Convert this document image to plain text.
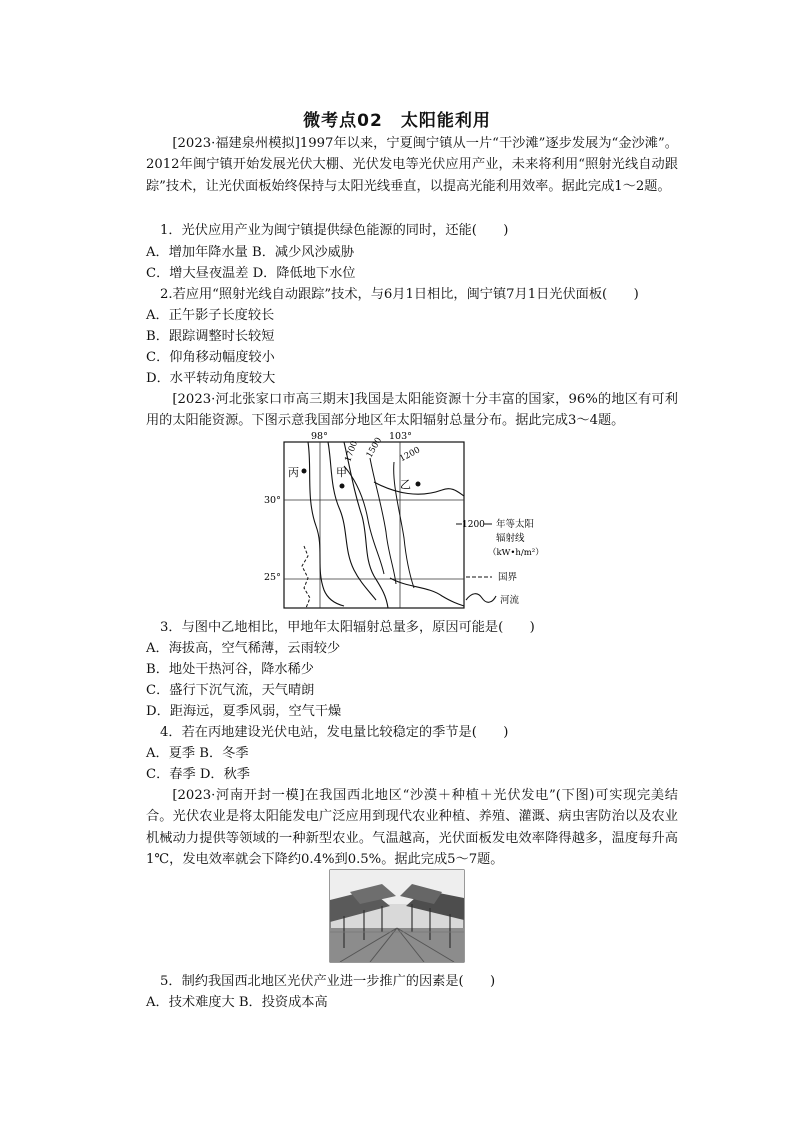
微考点02　太阳能利用

[2023·福建泉州模拟]1997年以来，宁夏闽宁镇从一片“干沙滩”逐步发展为“金沙滩”。2012年闽宁镇开始发展光伏大棚、光伏发电等光伏应用产业，未来将利用“照射光线自动跟踪”技术，让光伏面板始终保持与太阳光线垂直，以提高光能利用效率。据此完成1～2题。

1．光伏应用产业为闽宁镇提供绿色能源的同时，还能(　　)
A．增加年降水量 B．减少风沙威胁
C．增大昼夜温差 D．降低地下水位
2.若应用“照射光线自动跟踪”技术，与6月1日相比，闽宁镇7月1日光伏面板(　　)
A．正午影子长度较长
B．跟踪调整时长较短
C．仰角移动幅度较小
D．水平转动角度较大

[2023·河北张家口市高三期末]我国是太阳能资源十分丰富的国家，96%的地区有可利用的太阳能资源。下图示意我国部分地区年太阳辐射总量分布。据此完成3～4题。

98°	103°
30°
25°
1700 1500 1200
丙	甲
乙
1200 年等太阳
辐射线
（kW•h/m²）
国界
河流
3．与图中乙地相比，甲地年太阳辐射总量多，原因可能是(　　)
A．海拔高，空气稀薄，云雨较少
B．地处干热河谷，降水稀少
C．盛行下沉气流，天气晴朗
D．距海远，夏季风弱，空气干燥
4．若在丙地建设光伏电站，发电量比较稳定的季节是(　　)
A．夏季 B．冬季
C．春季 D．秋季

[2023·河南开封一模]在我国西北地区“沙漠＋种植＋光伏发电”(下图)可实现完美结合。光伏农业是将太阳能发电广泛应用到现代农业种植、养殖、灌溉、病虫害防治以及农业机械动力提供等领域的一种新型农业。气温越高，光伏面板发电效率降得越多，温度每升高1℃，发电效率就会下降约0.4%到0.5%。据此完成5～7题。

5．制约我国西北地区光伏产业进一步推广的因素是(　　)
A．技术难度大 B．投资成本高
